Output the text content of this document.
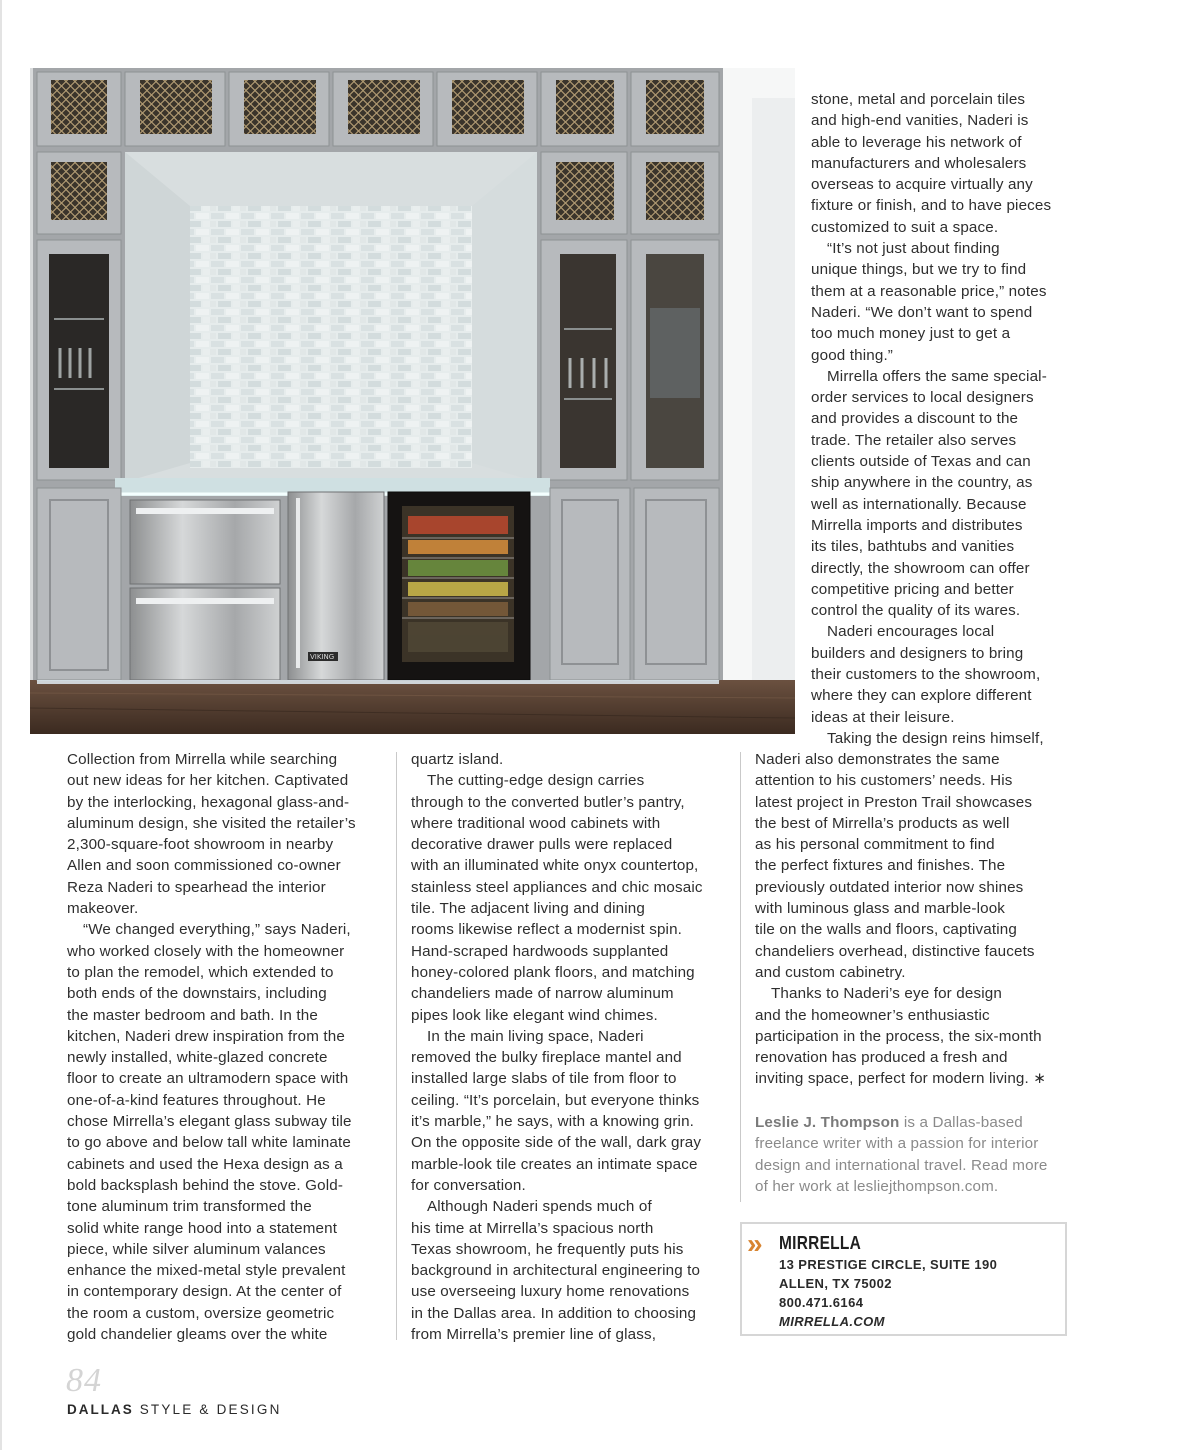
VIKING
stone, metal and porcelain tiles
and high-end vanities, Naderi is
able to leverage his network of
manufacturers and wholesalers
overseas to acquire virtually any
fixture or finish, and to have pieces
customized to suit a space.
“It’s not just about finding
unique things, but we try to find
them at a reasonable price,” notes
Naderi. “We don’t want to spend
too much money just to get a
good thing.”
Mirrella offers the same special-
order services to local designers
and provides a discount to the
trade. The retailer also serves
clients outside of Texas and can
ship anywhere in the country, as
well as internationally. Because
Mirrella imports and distributes
its tiles, bathtubs and vanities
directly, the showroom can offer
competitive pricing and better
control the quality of its wares.
Naderi encourages local
builders and designers to bring
their customers to the showroom,
where they can explore different
ideas at their leisure.
Taking the design reins himself,
Collection from Mirrella while searching
out new ideas for her kitchen. Captivated
by the interlocking, hexagonal glass-and-
aluminum design, she visited the retailer’s
2,300-square-foot showroom in nearby
Allen and soon commissioned co-owner
Reza Naderi to spearhead the interior
makeover.
“We changed everything,” says Naderi,
who worked closely with the homeowner
to plan the remodel, which extended to
both ends of the downstairs, including
the master bedroom and bath. In the
kitchen, Naderi drew inspiration from the
newly installed, white-glazed concrete
floor to create an ultramodern space with
one-of-a-kind features throughout. He
chose Mirrella’s elegant glass subway tile
to go above and below tall white laminate
cabinets and used the Hexa design as a
bold backsplash behind the stove. Gold-
tone aluminum trim transformed the
solid white range hood into a statement
piece, while silver aluminum valances
enhance the mixed-metal style prevalent
in contemporary design. At the center of
the room a custom, oversize geometric
gold chandelier gleams over the white
quartz island.
The cutting-edge design carries
through to the converted butler’s pantry,
where traditional wood cabinets with
decorative drawer pulls were replaced
with an illuminated white onyx countertop,
stainless steel appliances and chic mosaic
tile. The adjacent living and dining
rooms likewise reflect a modernist spin.
Hand-scraped hardwoods supplanted
honey-colored plank floors, and matching
chandeliers made of narrow aluminum
pipes look like elegant wind chimes.
In the main living space, Naderi
removed the bulky fireplace mantel and
installed large slabs of tile from floor to
ceiling. “It’s porcelain, but everyone thinks
it’s marble,” he says, with a knowing grin.
On the opposite side of the wall, dark gray
marble-look tile creates an intimate space
for conversation.
Although Naderi spends much of
his time at Mirrella’s spacious north
Texas showroom, he frequently puts his
background in architectural engineering to
use overseeing luxury home renovations
in the Dallas area. In addition to choosing
from Mirrella’s premier line of glass,
Naderi also demonstrates the same
attention to his customers’ needs. His
latest project in Preston Trail showcases
the best of Mirrella’s products as well
as his personal commitment to find
the perfect fixtures and finishes. The
previously outdated interior now shines
with luminous glass and marble-look
tile on the walls and floors, captivating
chandeliers overhead, distinctive faucets
and custom cabinetry.
Thanks to Naderi’s eye for design
and the homeowner’s enthusiastic
participation in the process, the six-month
renovation has produced a fresh and
inviting space, perfect for modern living. ∗
Leslie J. Thompson is a Dallas-based
freelance writer with a passion for interior
design and international travel. Read more
of her work at lesliejthompson.com.
» MIRRELLA
13 PRESTIGE CIRCLE, SUITE 190
ALLEN, TX 75002
800.471.6164
MIRRELLA.COM
84
DALLAS STYLE & DESIGN
